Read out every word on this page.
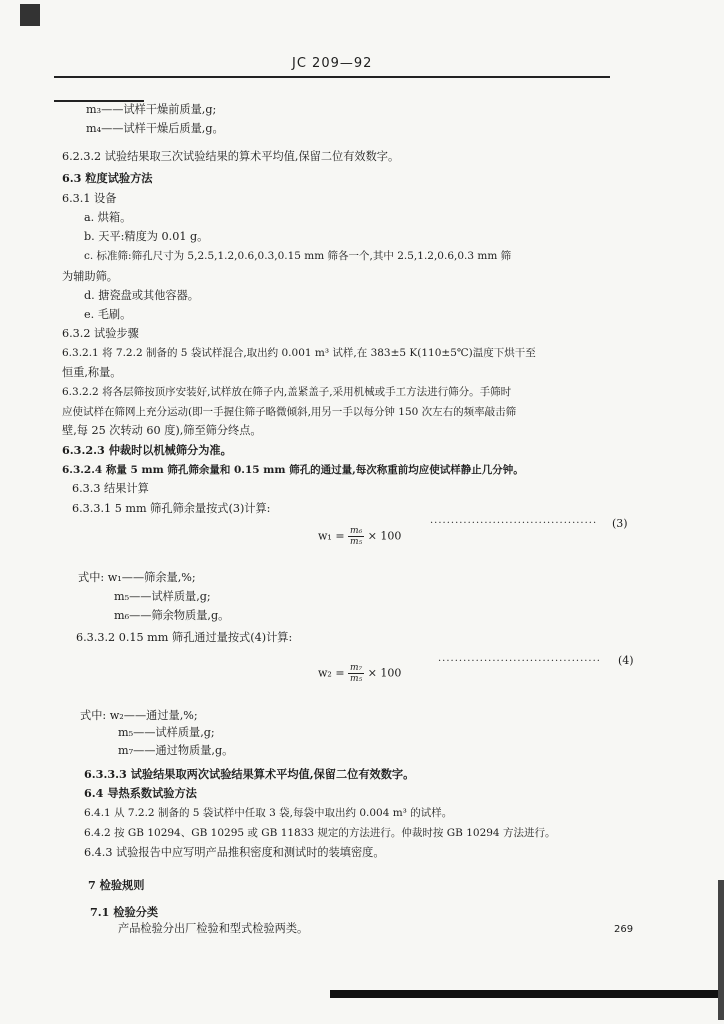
JC 209—92
m₃——试样干燥前质量,g;
m₄——试样干燥后质量,g。
6.2.3.2 试验结果取三次试验结果的算术平均值,保留二位有效数字。
6.3 粒度试验方法
6.3.1 设备
a. 烘箱。
b. 天平:精度为 0.01 g。
c. 标准筛:筛孔尺寸为 5,2.5,1.2,0.6,0.3,0.15 mm 筛各一个,其中 2.5,1.2,0.6,0.3 mm 筛
为辅助筛。
d. 搪瓷盘或其他容器。
e. 毛刷。
6.3.2 试验步骤
6.3.2.1 将 7.2.2 制备的 5 袋试样混合,取出约 0.001 m³ 试样,在 383±5 K(110±5℃)温度下烘干至
恒重,称量。
6.3.2.2 将各层筛按顶序安装好,试样放在筛子内,盖紧盖子,采用机械或手工方法进行筛分。手筛时
应使试样在筛网上充分运动(即一手握住筛子略微倾斜,用另一手以每分钟 150 次左右的频率敲击筛
壁,每 25 次转动 60 度),筛至筛分终点。
6.3.2.3 仲裁时以机械筛分为准。
6.3.2.4 称量 5 mm 筛孔筛余量和 0.15 mm 筛孔的通过量,每次称重前均应使试样静止几分钟。
6.3.3 结果计算
6.3.3.1 5 mm 筛孔筛余量按式(3)计算:
$w_1 = \frac{\text{m₆}}{\text{m₅}} \times 100$
········································ (3)
式中: w₁——筛余量,%;
m₅——试样质量,g;
m₆——筛余物质量,g。
6.3.3.2 0.15 mm 筛孔通过量按式(4)计算:
$w_2 = \frac{\text{m₇}}{\text{m₅}} \times 100$
······································· (4)
式中: w₂——通过量,%;
m₅——试样质量,g;
m₇——通过物质量,g。
6.3.3.3 试验结果取两次试验结果算术平均值,保留二位有效数字。
6.4 导热系数试验方法
6.4.1 从 7.2.2 制备的 5 袋试样中任取 3 袋,每袋中取出约 0.004 m³ 的试样。
6.4.2 按 GB 10294、GB 10295 或 GB 11833 规定的方法进行。仲裁时按 GB 10294 方法进行。
6.4.3 试验报告中应写明产品推积密度和测试时的装填密度。
7 检验规则
7.1 检验分类
产品检验分出厂检验和型式检验两类。	269
